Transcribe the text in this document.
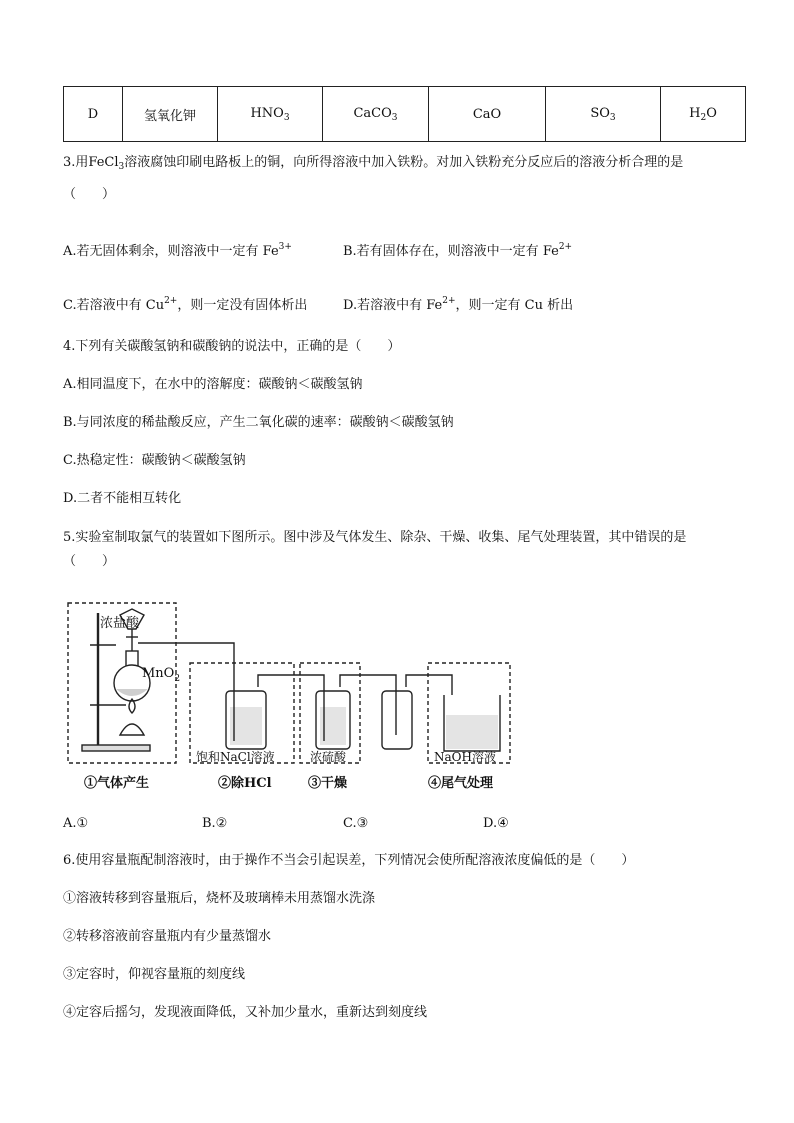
D	氢氧化钾	$HNO_3$	CaCO$_3$	CaO	$SO_3$	$H_2O$
3.用FeCl$_3$溶液腐蚀印刷电路板上的铜，向所得溶液中加入铁粉。对加入铁粉充分反应后的溶液分析合理的是
（　　）
A.若无固体剩余，则溶液中一定有 $Fe^{3+}$	B.若有固体存在，则溶液中一定有 $Fe^{2+}$
C.若溶液中有 $Cu^{2+}$，则一定没有固体析出	D.若溶液中有 $Fe^{2+}$，则一定有 Cu 析出
4.下列有关碳酸氢钠和碳酸钠的说法中，正确的是（　　）
A.相同温度下，在水中的溶解度：碳酸钠＜碳酸氢钠
B.与同浓度的稀盐酸反应，产生二氧化碳的速率：碳酸钠＜碳酸氢钠
C.热稳定性：碳酸钠＜碳酸氢钠
D.二者不能相互转化
5.实验室制取氯气的装置如下图所示。图中涉及气体发生、除杂、干燥、收集、尾气处理装置，其中错误的是
（　　）
浓盐酸
MnO$_2$
饱和NaCl溶液	浓硫酸	NaOH溶液
①气体产生	②除HCl	③干燥	④尾气处理
A.①	B.②	C.③	D.④
6.使用容量瓶配制溶液时，由于操作不当会引起误差，下列情况会使所配溶液浓度偏低的是（　　）
①溶液转移到容量瓶后，烧杯及玻璃棒未用蒸馏水洗涤
②转移溶液前容量瓶内有少量蒸馏水
③定容时，仰视容量瓶的刻度线
④定容后摇匀，发现液面降低，又补加少量水，重新达到刻度线
